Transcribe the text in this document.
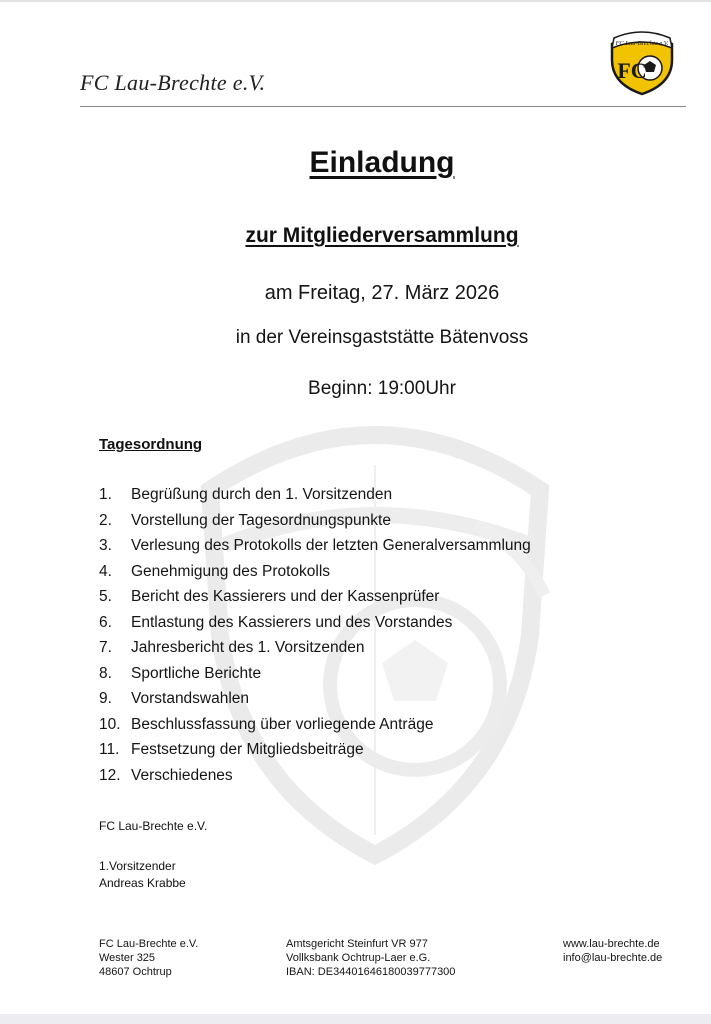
FC Lau-Brechte e.V.
FC Lau-Brechte e.V.
FC
Einladung
zur Mitgliederversammlung
am Freitag, 27. März 2026
in der Vereinsgaststätte Bätenvoss
Beginn: 19:00Uhr
Tagesordnung
1.	Begrüßung durch den 1. Vorsitzenden
2.	Vorstellung der Tagesordnungspunkte
3.	Verlesung des Protokolls der letzten Generalversammlung
4.	Genehmigung des Protokolls
5.	Bericht des Kassierers und der Kassenprüfer
6.	Entlastung des Kassierers und des Vorstandes
7.	Jahresbericht des 1. Vorsitzenden
8.	Sportliche Berichte
9.	Vorstandswahlen
10. Beschlussfassung über vorliegende Anträge
11. Festsetzung der Mitgliedsbeiträge
12. Verschiedenes
FC Lau-Brechte e.V.
1.Vorsitzender
Andreas Krabbe
FC Lau-Brechte e.V.
Wester 325
48607 Ochtrup
Amtsgericht Steinfurt VR 977
Vollksbank Ochtrup-Laer e.G.
IBAN: DE34401646180039777300
www.lau-brechte.de
info@lau-brechte.de
